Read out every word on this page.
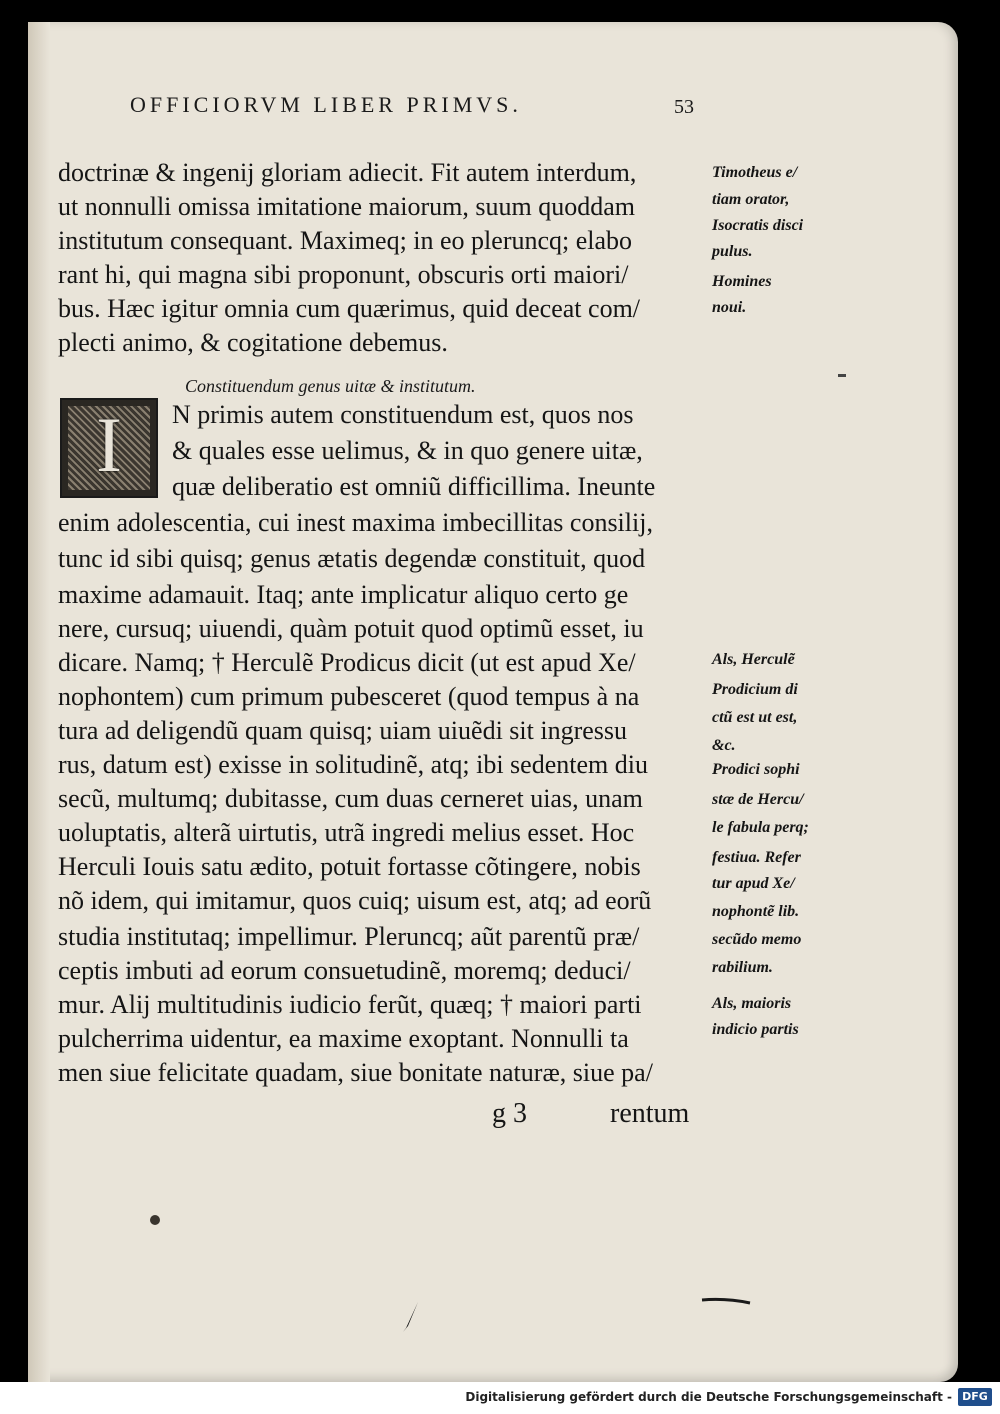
OFFICIORVM LIBER PRIMVS.	53
doctrinæ & ingenij gloriam adiecit. Fit autem interdum,
ut nonnulli omissa imitatione maiorum, suum quoddam
institutum consequant. Maximeq; in eo pleruncq; elabo
rant hi, qui magna sibi proponunt, obscuris orti maiori/
bus. Hæc igitur omnia cum quærimus, quid deceat com/
plecti animo, & cogitatione debemus.
Constituendum genus uitæ & institutum.
I	N primis autem constituendum est, quos nos
& quales esse uelimus, & in quo genere uitæ,
quæ deliberatio est omniũ difficillima. Ineunte
enim adolescentia, cui inest maxima imbecillitas consilij,
tunc id sibi quisq; genus ætatis degendæ constituit, quod
maxime adamauit. Itaq; ante implicatur aliquo certo ge
nere, cursuq; uiuendi, quàm potuit quod optimũ esset, iu
dicare. Namq; † Herculẽ Prodicus dicit (ut est apud Xe/
nophontem) cum primum pubesceret (quod tempus à na
tura ad deligendũ quam quisq; uiam uiuẽdi sit ingressu
rus, datum est) exisse in solitudinẽ, atq; ibi sedentem diu
secũ, multumq; dubitasse, cum duas cerneret uias, unam
uoluptatis, alterã uirtutis, utrã ingredi melius esset. Hoc
Herculi Iouis satu ædito, potuit fortasse cõtingere, nobis
nõ idem, qui imitamur, quos cuiq; uisum est, atq; ad eorũ
studia institutaq; impellimur. Pleruncq; aũt parentũ præ/
ceptis imbuti ad eorum consuetudinẽ, moremq; deduci/
mur. Alij multitudinis iudicio ferũt, quæq; † maiori parti
pulcherrima uidentur, ea maxime exoptant. Nonnulli ta
men siue felicitate quadam, siue bonitate naturæ, siue pa/
Timotheus e/
tiam orator,
Isocratis disci
pulus.
Homines
noui.
Als, Herculẽ
Prodicium di
ctũ est ut est,
&c.
Prodici sophi
stæ de Hercu/
le fabula perq;
festiua. Refer
tur apud Xe/
nophontẽ lib.
secũdo memo
rabilium.
Als, maioris
indicio partis
g 3	rentum
Digitalisierung gefördert durch die Deutsche Forschungsgemeinschaft - DFG
